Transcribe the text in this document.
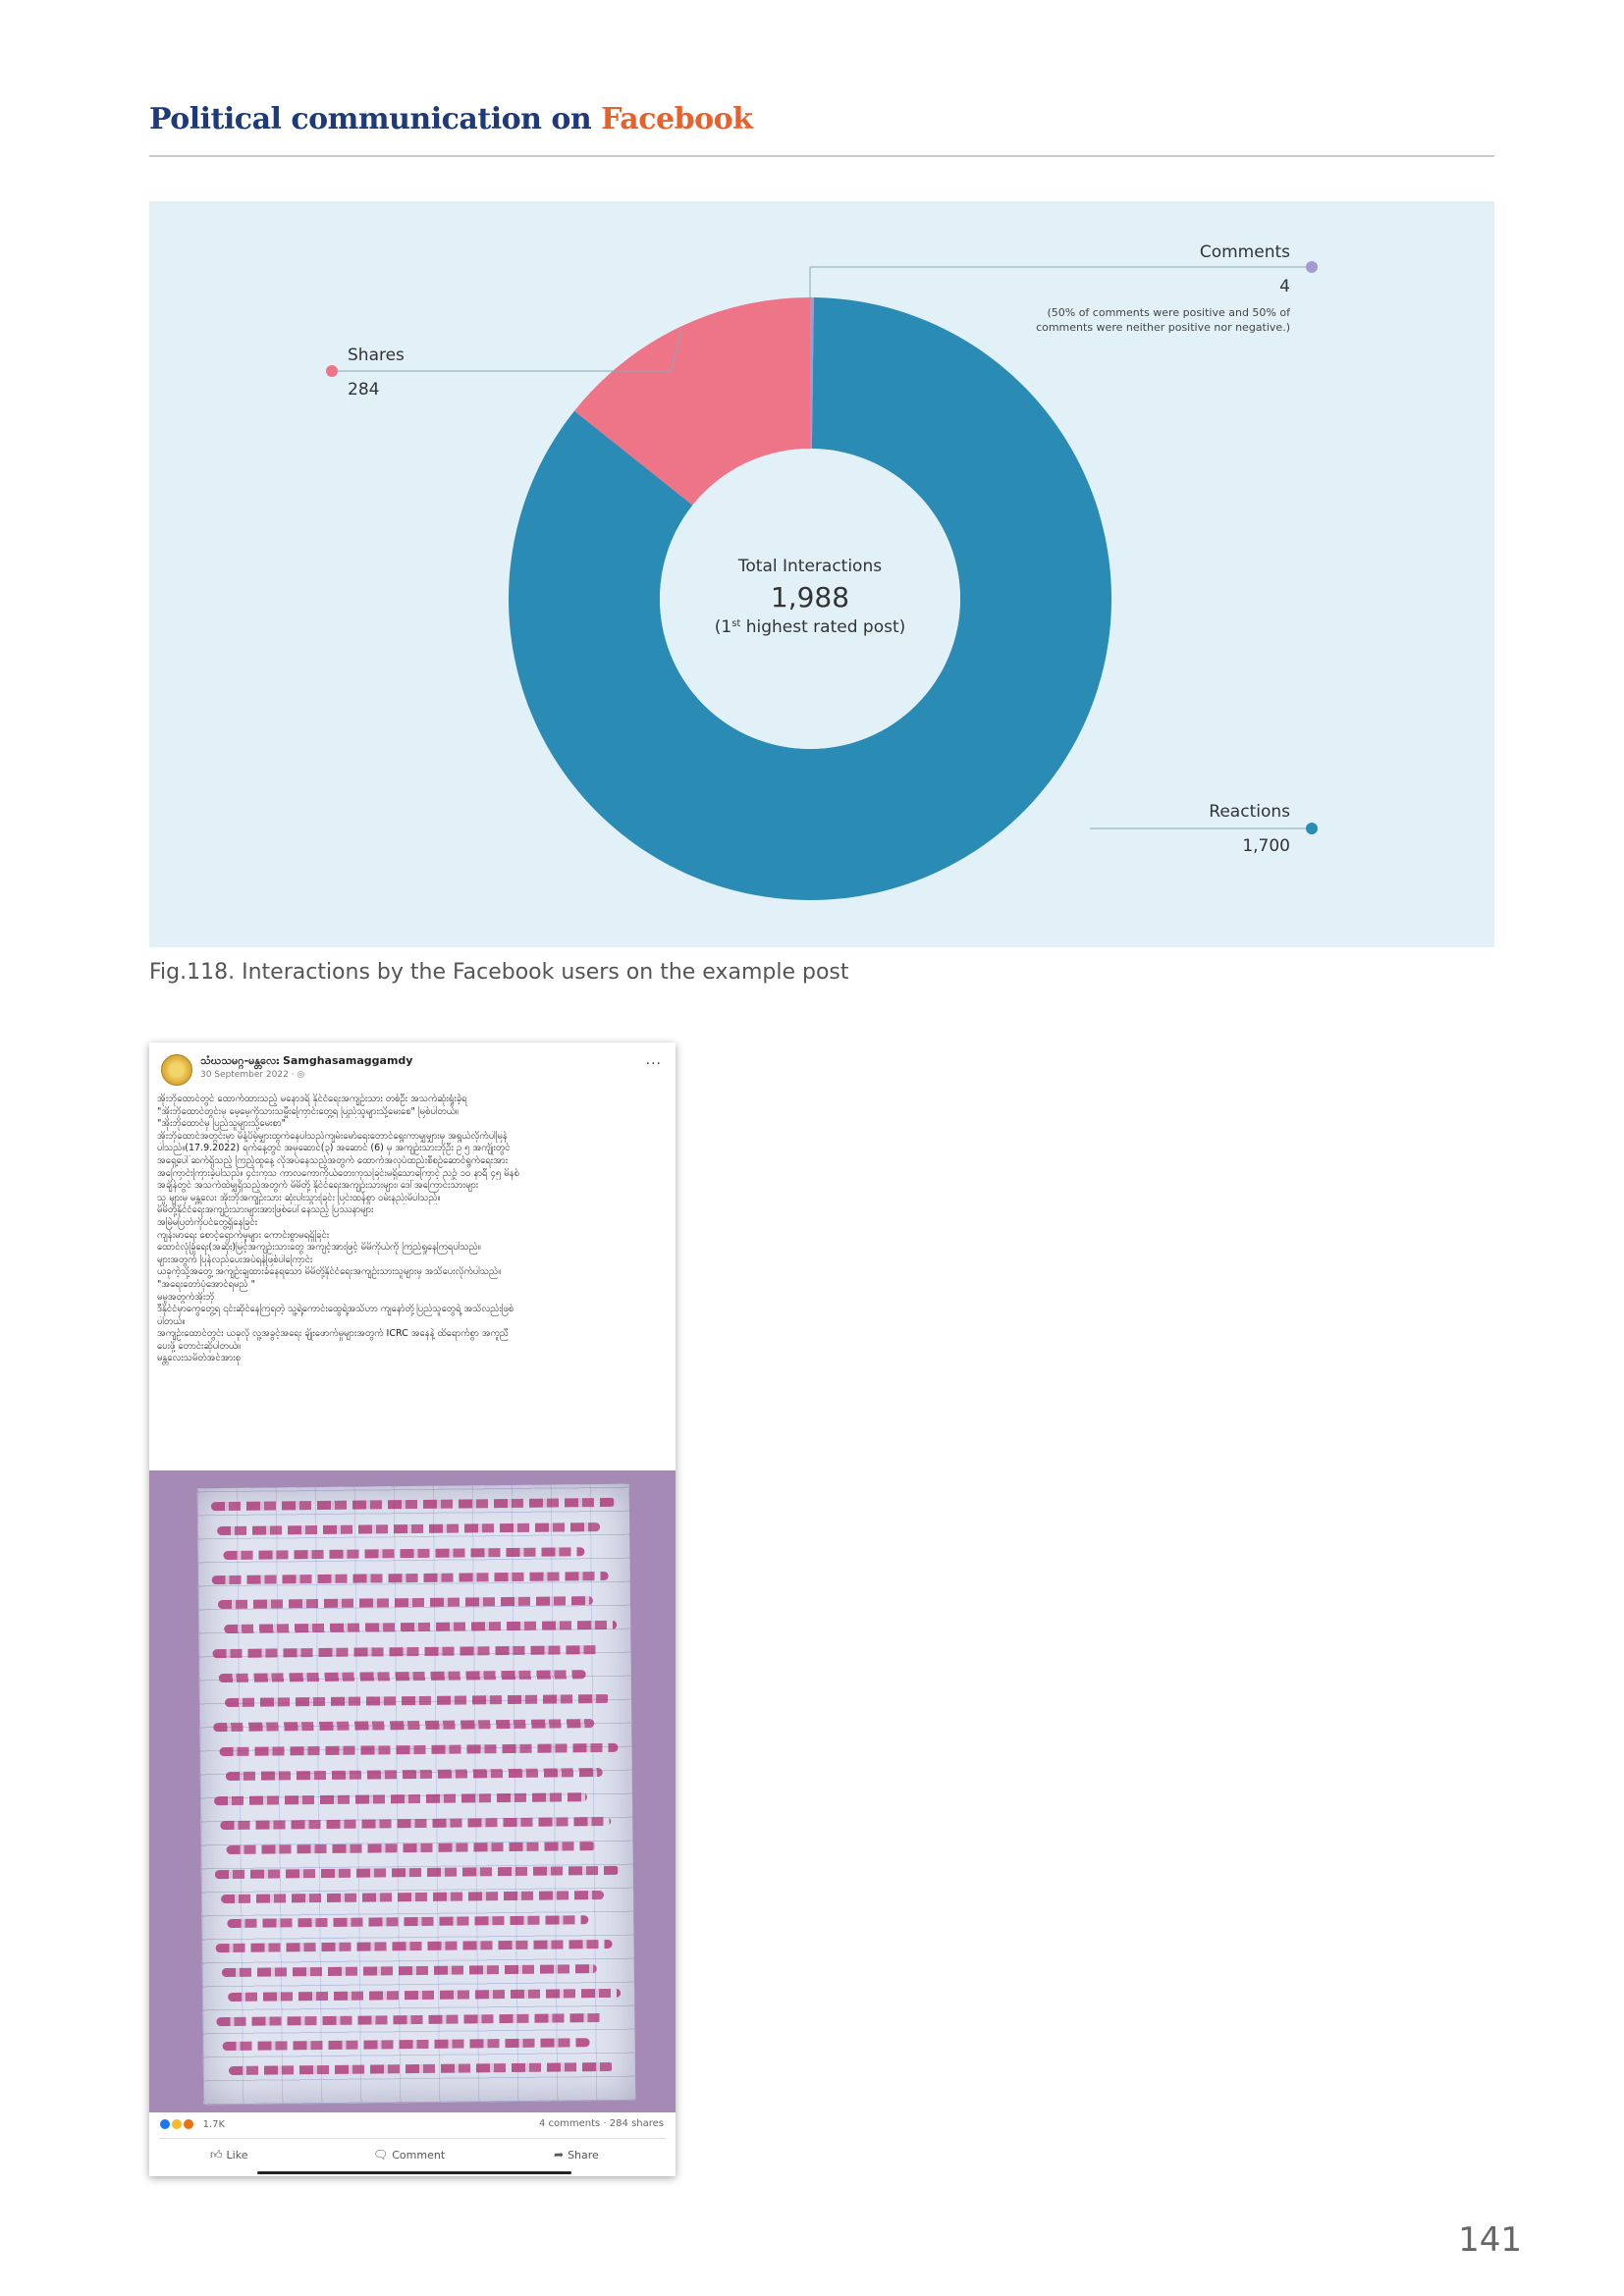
Political communication on Facebook
Total Interactions
1,988
(1st highest rated post)
Comments
4
(50% of comments were positive and 50% of
comments were neither positive nor negative.)
Shares
284
Reactions
1,700
Fig.118. Interactions by the Facebook users on the example post
သံဃသမဂ္ဂ-မန္တလေး Samghasamaggamdy
30 September 2022 · ◎
···
အိုးဘိုထောင်တွင် ထောက်ထားသည့် မနောဒရိ နိုင်ငံရေးအကျဉ်းသား တစ်ဦး အသက်ဆုံးရှုံးခဲ့ရ
"အိုးဘိုထောင်တွင်းမှ မေ့မေ့ကိုသားသမ္မီးကြောင်းတွေ့ရ ပြည်သူများသို့မေးစေ" မြစ်ပါတယ်။
"အိုးဘိုထောင်မှ ပြည်သူများသို့မေးစာ"
အိုးဘိုထောင်အတွင်းမှာ မိန့်ပိမ့်မျှားထွက်နေပါသည်ကျမ်းမော်ရေးတောင်ရွေးကာမျှမျှားမှ အရွယ်လိုက်ပါမြန်
ပါသည်။(17.9.2022) ရက်နေ့တွင် အမှဆောင်(၃) အဆောင် (6) မှ အကျဉ်းသားဘိုဦး ဥ ၅ အကျိုးတွင်
အရှေ့ပေါ်ဆက်ရှိသည့် ကြည့်ထူနေ့ လိုအပ်နေသည့်အတွက် ထောက်အလုပ်ထည်းစီစဉ်ဆောင်ရွက်ရေးအား
အကြောင်းကြားခဲ့ပါသည်။ ၄င်းကုသ ကာလကောကိုယ်တေးကုသခြင်းမရှိသောကြောင့် ညဉ့် ၁၀ နာရီ ၄၅ မိနစ်
အချိန်တွင် အသက်ထဲမျှရှိသည့်အတွက် မိမိတို့ နိုင်ငံရေးအကျဉ်းသားများ၊ ဒေါ်အကြောင်းသားများ
သူ များမှ မန္တလေး အိုးဘိုအကျဉ်းသား ဆုံးပါးသွားခြင်း ပြင်းထန်စွာ ဝမ်းနည်းမိပါသည်။
မိမိတို့နိုင်ငံရေးအကျဉ်းသားများအားဖြစ်ပေါ်နေသည့် ပြဿနာများ
အမြဲမပြတ်ကိုပင်တွေ့ရှိနေခြင်း
ကျန်းမာရေး စောင့်ရှောက်မှုများ ကောင်းစွာမရရှိခြင်း
ထောင်လုံခြုံရေး(အဆိုး)မြင့်အကျဉ်းသားတွေ အကျင့်အားဖြင့် မိမိကိုယ်ကို ကြည်ရှုနေကြရပါသည်။
များအတွက် ပြန်လည်ပေးအပ်ရန်ဖြစ်ပါကြောင်း
ယခုကဲ့သို့အတွေ့ အကျဉ်းချထားခံနေရသော မိမိတို့နိုင်ငံရေးအကျဉ်းသားသူများမှ အသိပေးလိုက်ပါသည်။
"အရေးတော်ပုံအောင်ရမည် "
မမှုအတွက်အိုးဘို
ဒီနိုင်ငံမှာကွေတွေ့ရ ၎င်းဆိုင်နေကြရတဲ့ သူ့ရဲ့ကောင်းထွေရဲ့အသိဟာ ကျနော်တို့ပြည်သူတွေရဲ့ အသိလည်းဖြစ်
ပါတယ်။
အကျဉ်းထောင်တွင်း ယခုလို လူ့အခွင့်အရေး ချိုးဖောက်မှုများအတွက် ICRC အနေနဲ့ ထိရောက်စွာ အကူညီ
ပေးဖို့ တောင်းဆိုပါတယ်။
မန္တလေးသမိတ်အင်အားစု
1.7K	4 comments · 284 shares
👍︎ Like	🗨︎ Comment	➦ Share
141
